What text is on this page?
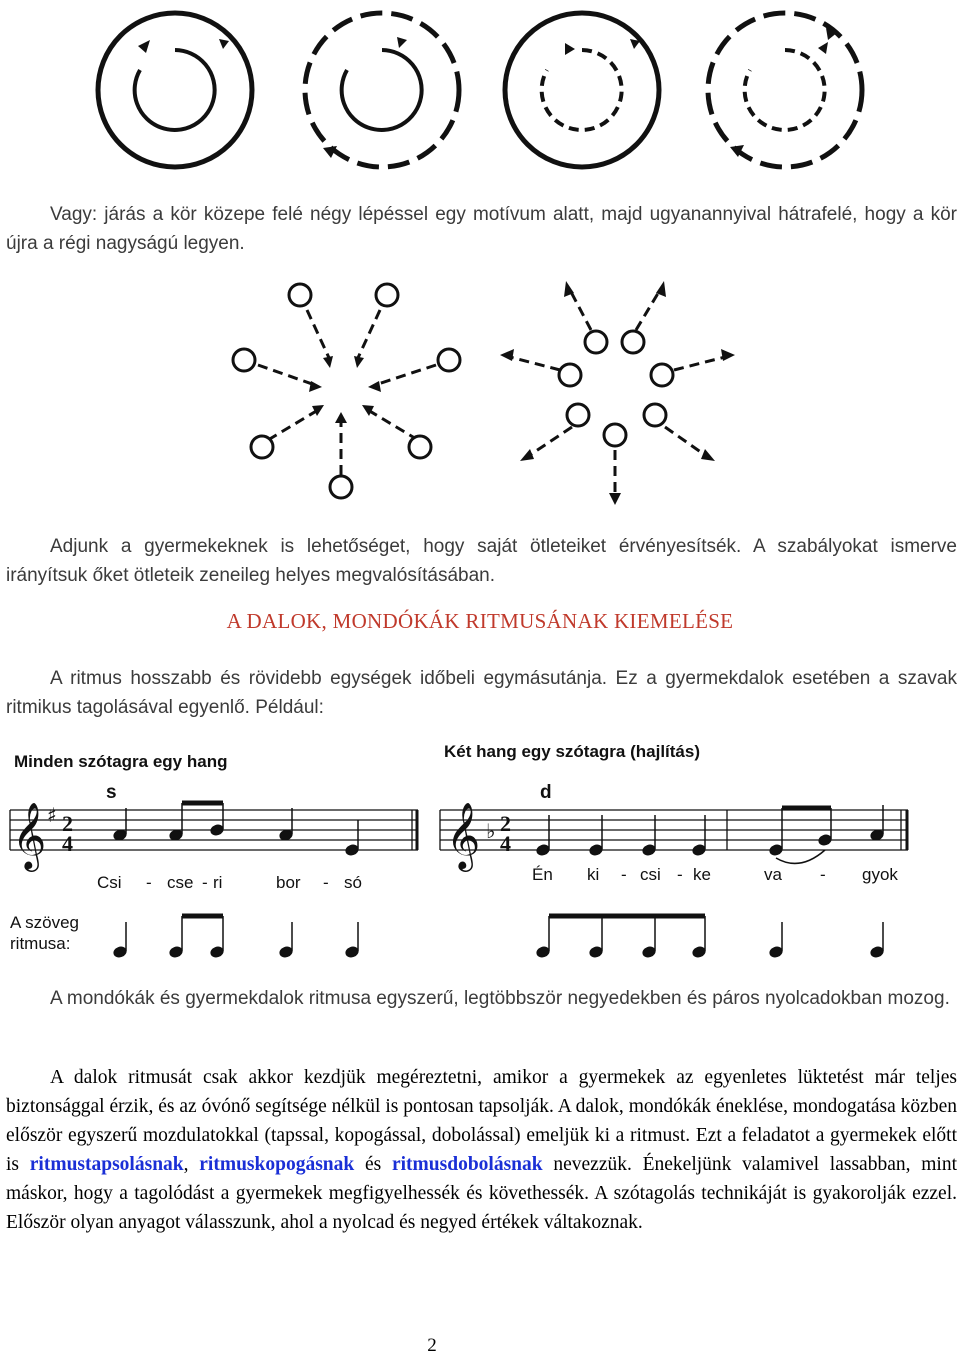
Vagy: járás a kör közepe felé négy lépéssel egy motívum alatt, majd ugyanannyival hátrafelé, hogy a kör újra a régi nagyságú legyen.

Adjunk a gyermekeknek is lehetőséget, hogy saját ötleteiket érvényesítsék. A szabályokat ismerve irányítsuk őket ötleteik zeneileg helyes megvalósításában.

A DALOK, MONDÓKÁK RITMUSÁNAK KIEMELÉSE

A ritmus hosszabb és rövidebb egységek időbeli egymásutánja. Ez a gyermekdalok esetében a szavak ritmikus tagolásával egyenlő. Például:

Minden szótagra egy hang
Két hang egy szótagra (hajlítás)
s	d
𝄞	𝄞
♯
♭
2
4
2
4
Csi - cse - ri	bor - só	Én ki - csi - ke	va - gyok
A szöveg
ritmusa:

A mondókák és gyermekdalok ritmusa egyszerű, legtöbbször negyedekben és páros nyolcadokban mozog.

A dalok ritmusát csak akkor kezdjük megéreztetni, amikor a gyermekek az egyenletes lüktetést már teljes biztonsággal érzik, és az óvónő segítsége nélkül is pontosan tapsolják. A dalok, mondókák éneklése, mondogatása közben először egyszerű mozdulatokkal (tapssal, kopogással, dobolással) emeljük ki a ritmust. Ezt a feladatot a gyermekek előtt is ritmustapsolásnak, ritmuskopogásnak és ritmusdobolásnak nevezzük. Énekeljünk valamivel lassabban, mint máskor, hogy a tagolódást a gyermekek megfigyelhessék és követhessék. A szótagolás technikáját is gyakorolják ezzel. Először olyan anyagot válasszunk, ahol a nyolcad és negyed értékek váltakoznak.

2
